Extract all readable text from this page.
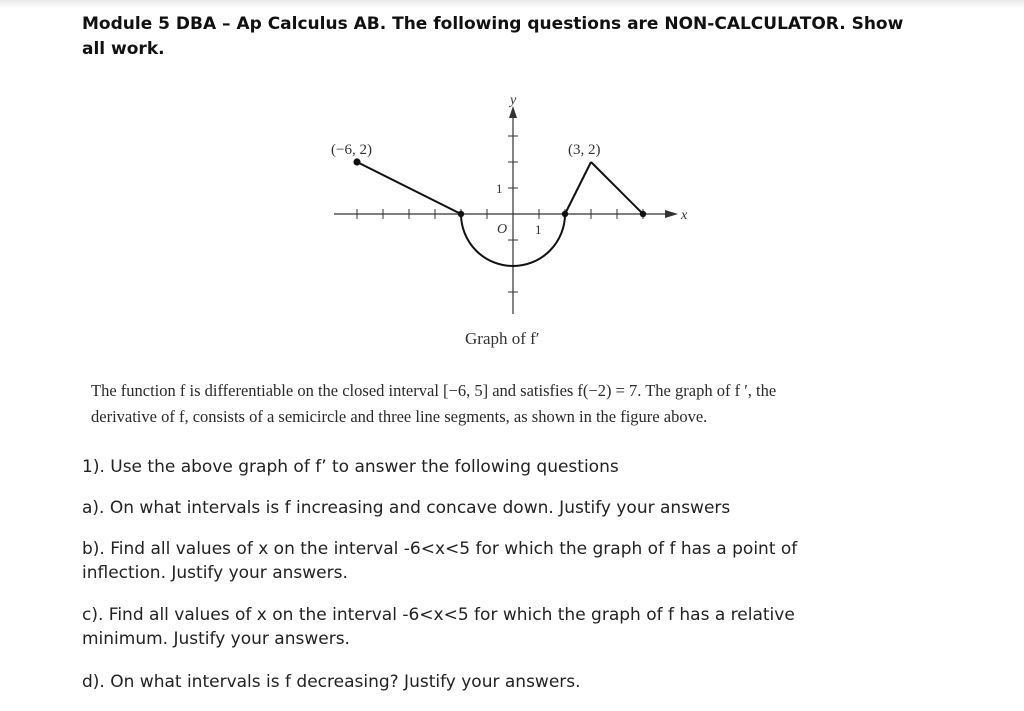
Module 5 DBA – Ap Calculus AB. The following questions are NON-CALCULATOR. Show
all work.
y
x
O 1
1
(−6, 2)	(3, 2)
Graph of f′
The function f is differentiable on the closed interval [−6, 5] and satisfies f(−2) = 7. The graph of f ′, the
derivative of f, consists of a semicircle and three line segments, as shown in the figure above.
1). Use the above graph of f’ to answer the following questions
a). On what intervals is f increasing and concave down. Justify your answers
b). Find all values of x on the interval -6<x<5 for which the graph of f has a point of
inflection. Justify your answers.
c). Find all values of x on the interval -6<x<5 for which the graph of f has a relative
minimum. Justify your answers.
d). On what intervals is f decreasing? Justify your answers.
